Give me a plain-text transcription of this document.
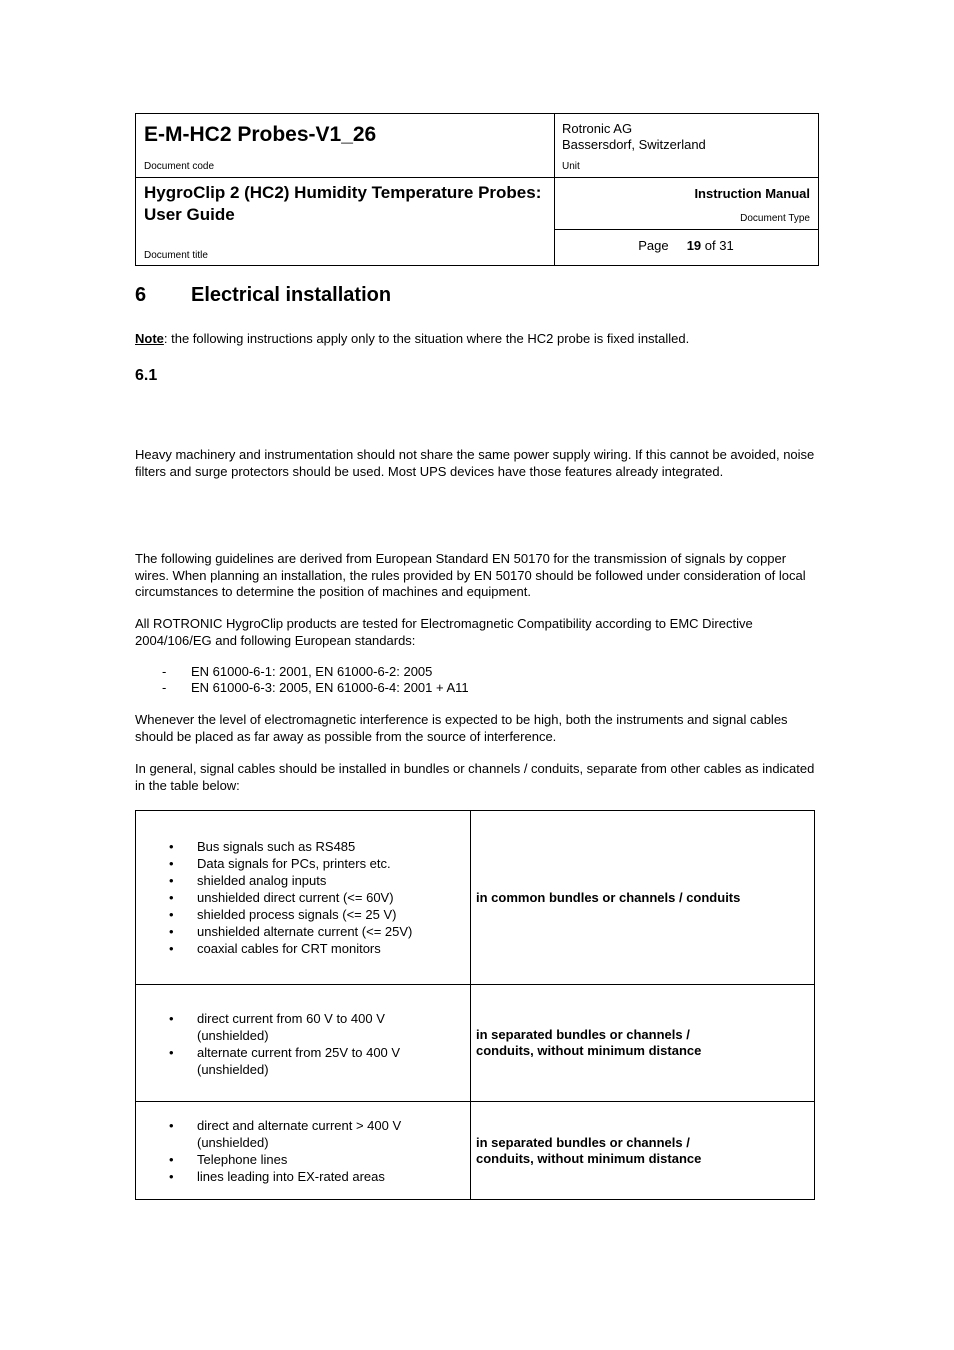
E-M-HC2 Probes-V1_26
Document code
Rotronic AG
Bassersdorf, Switzerland
Unit
HygroClip 2 (HC2) Humidity Temperature Probes: User Guide
Document title
Instruction Manual
Document Type
Page 19 of 31
6 Electrical installation

Note: the following instructions apply only to the situation where the HC2 probe is fixed installed.

6.1

Heavy machinery and instrumentation should not share the same power supply wiring. If this cannot be avoided, noise filters and surge protectors should be used. Most UPS devices have those features already integrated.

The following guidelines are derived from European Standard EN 50170 for the transmission of signals by copper wires. When planning an installation, the rules provided by EN 50170 should be followed under consideration of local circumstances to determine the position of machines and equipment.

All ROTRONIC HygroClip products are tested for Electromagnetic Compatibility according to EMC Directive 2004/106/EG and following European standards:

- EN 61000-6-1: 2001, EN 61000-6-2: 2005
- EN 61000-6-3: 2005, EN 61000-6-4: 2001 + A11

Whenever the level of electromagnetic interference is expected to be high, both the instruments and signal cables should be placed as far away as possible from the source of interference.

In general, signal cables should be installed in bundles or channels / conduits, separate from other cables as indicated in the table below:

• Bus signals such as RS485
• Data signals for PCs, printers etc.
• shielded analog inputs
• unshielded direct current (<= 60V)
• shielded process signals (<= 25 V)
• unshielded alternate current (<= 25V)
• coaxial cables for CRT monitors
in common bundles or channels / conduits
• direct current from 60 V to 400 V (unshielded)
• alternate current from 25V to 400 V (unshielded)
in separated bundles or channels / conduits, without minimum distance
• direct and alternate current > 400 V (unshielded)
• Telephone lines
• lines leading into EX-rated areas
in separated bundles or channels / conduits, without minimum distance
